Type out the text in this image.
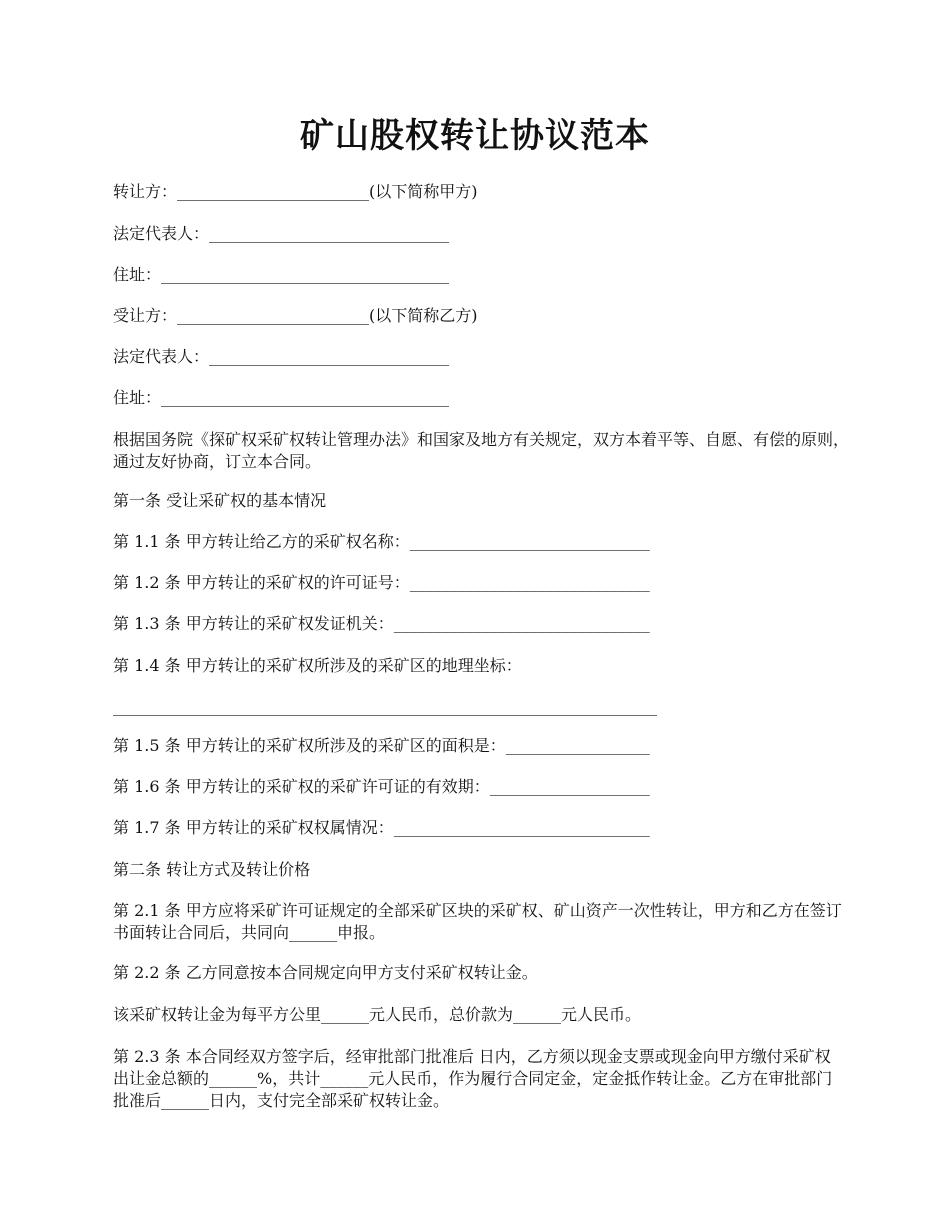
矿山股权转让协议范本

转让方：________________________(以下简称甲方)

法定代表人：______________________________

住址：____________________________________

受让方：________________________(以下简称乙方)

法定代表人：______________________________

住址：____________________________________

根据国务院《探矿权采矿权转让管理办法》和国家及地方有关规定，双方本着平等、自愿、有偿的原则，通过友好协商，订立本合同。

第一条 受让采矿权的基本情况

第 1.1 条 甲方转让给乙方的采矿权名称：______________________________

第 1.2 条 甲方转让的采矿权的许可证号：______________________________

第 1.3 条 甲方转让的采矿权发证机关：________________________________

第 1.4 条 甲方转让的采矿权所涉及的采矿区的地理坐标：

____________________________________________________________________

第 1.5 条 甲方转让的采矿权所涉及的采矿区的面积是：__________________

第 1.6 条 甲方转让的采矿权的采矿许可证的有效期：____________________

第 1.7 条 甲方转让的采矿权权属情况：________________________________

第二条 转让方式及转让价格

第 2.1 条 甲方应将采矿许可证规定的全部采矿区块的采矿权、矿山资产一次性转让，甲方和乙方在签订书面转让合同后，共同向______申报。

第 2.2 条 乙方同意按本合同规定向甲方支付采矿权转让金。

该采矿权转让金为每平方公里______元人民币，总价款为______元人民币。

第 2.3 条 本合同经双方签字后，经审批部门批准后 日内，乙方须以现金支票或现金向甲方缴付采矿权出让金总额的______%，共计______元人民币，作为履行合同定金，定金抵作转让金。乙方在审批部门批准后______日内，支付完全部采矿权转让金。
